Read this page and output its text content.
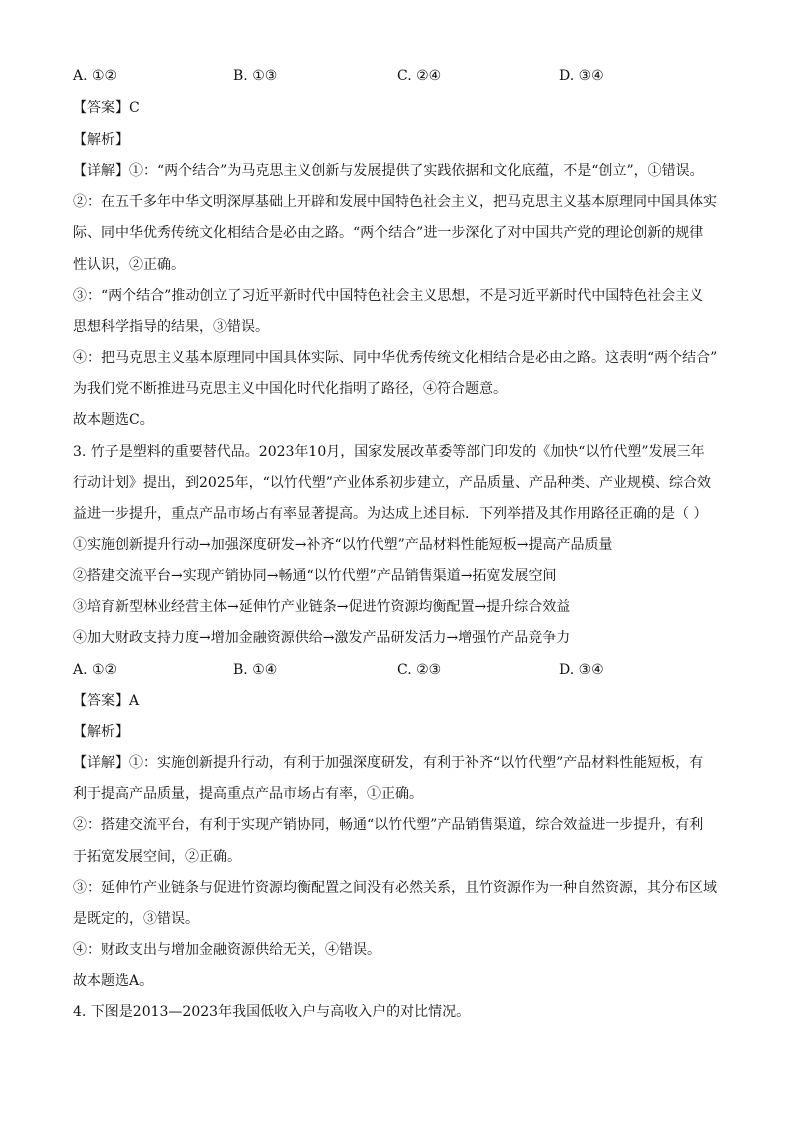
A. ①②	B. ①③	C. ②④	D. ③④
【答案】C
【解析】
【详解】①：“两个结合”为马克思主义创新与发展提供了实践依据和文化底蕴，不是“创立”，①错误。
②：在五千多年中华文明深厚基础上开辟和发展中国特色社会主义，把马克思主义基本原理同中国具体实
际、同中华优秀传统文化相结合是必由之路。“两个结合”进一步深化了对中国共产党的理论创新的规律
性认识，②正确。
③：“两个结合”推动创立了习近平新时代中国特色社会主义思想，不是习近平新时代中国特色社会主义
思想科学指导的结果，③错误。
④：把马克思主义基本原理同中国具体实际、同中华优秀传统文化相结合是必由之路。这表明“两个结合”
为我们党不断推进马克思主义中国化时代化指明了路径，④符合题意。
故本题选C。
3. 竹子是塑料的重要替代品。2023年10月，国家发展改革委等部门印发的《加快“以竹代塑”发展三年
行动计划》提出，到2025年，“以竹代塑”产业体系初步建立，产品质量、产品种类、产业规模、综合效
益进一步提升，重点产品市场占有率显著提高。为达成上述目标．下列举措及其作用路径正确的是（ ）
①实施创新提升行动→加强深度研发→补齐“以竹代塑”产品材料性能短板→提高产品质量
②搭建交流平台→实现产销协同→畅通“以竹代塑”产品销售渠道→拓宽发展空间
③培育新型林业经营主体→延伸竹产业链条→促进竹资源均衡配置→提升综合效益
④加大财政支持力度→增加金融资源供给→激发产品研发活力→增强竹产品竞争力
A. ①②	B. ①④	C. ②③	D. ③④
【答案】A
【解析】
【详解】①：实施创新提升行动，有利于加强深度研发，有利于补齐“以竹代塑”产品材料性能短板，有
利于提高产品质量，提高重点产品市场占有率，①正确。
②：搭建交流平台，有利于实现产销协同，畅通“以竹代塑”产品销售渠道，综合效益进一步提升，有利
于拓宽发展空间，②正确。
③：延伸竹产业链条与促进竹资源均衡配置之间没有必然关系，且竹资源作为一种自然资源，其分布区域
是既定的，③错误。
④：财政支出与增加金融资源供给无关，④错误。
故本题选A。
4. 下图是2013—2023年我国低收入户与高收入户的对比情况。
